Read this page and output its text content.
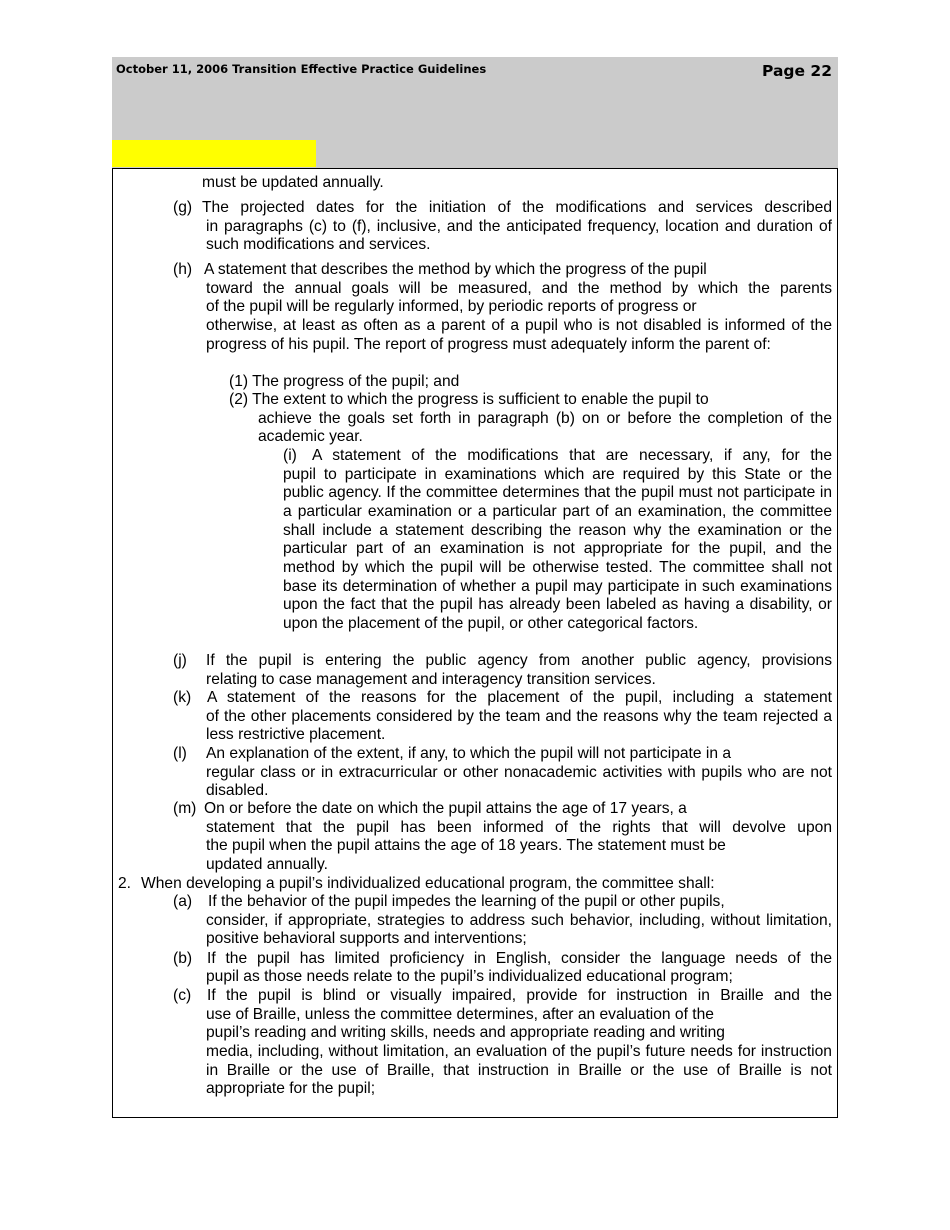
October 11, 2006 Transition Effective Practice Guidelines	Page 22

must be updated annually.

(g) The projected dates for the initiation of the modifications and services described

in paragraphs (c) to (f), inclusive, and the anticipated frequency, location and duration of such modifications and services.

(h) A statement that describes the method by which the progress of the pupil

toward the annual goals will be measured, and the method by which the parents

of the pupil will be regularly informed, by periodic reports of progress or

otherwise, at least as often as a parent of a pupil who is not disabled is informed of the progress of his pupil. The report of progress must adequately inform the parent of:

(1) The progress of the pupil; and

(2) The extent to which the progress is sufficient to enable the pupil to

achieve the goals set forth in paragraph (b) on or before the completion of the academic year.

(i) A statement of the modifications that are necessary, if any, for the

pupil to participate in examinations which are required by this State or the public agency. If the committee determines that the pupil must not participate in a particular examination or a particular part of an examination, the committee shall include a statement describing the reason why the examination or the particular part of an examination is not appropriate for the pupil, and the method by which the pupil will be otherwise tested. The committee shall not base its determination of whether a pupil may participate in such examinations upon the fact that the pupil has already been labeled as having a disability, or upon the placement of the pupil, or other categorical factors.

(j) If the pupil is entering the public agency from another public agency, provisions

relating to case management and interagency transition services.

(k) A statement of the reasons for the placement of the pupil, including a statement

of the other placements considered by the team and the reasons why the team rejected a less restrictive placement.

(l) An explanation of the extent, if any, to which the pupil will not participate in a

regular class or in extracurricular or other nonacademic activities with pupils who are not disabled.

(m) On or before the date on which the pupil attains the age of 17 years, a

statement that the pupil has been informed of the rights that will devolve upon

the pupil when the pupil attains the age of 18 years. The statement must be

updated annually.

2. When developing a pupil’s individualized educational program, the committee shall:

(a) If the behavior of the pupil impedes the learning of the pupil or other pupils,

consider, if appropriate, strategies to address such behavior, including, without limitation, positive behavioral supports and interventions;

(b) If the pupil has limited proficiency in English, consider the language needs of the

pupil as those needs relate to the pupil’s individualized educational program;

(c) If the pupil is blind or visually impaired, provide for instruction in Braille and the

use of Braille, unless the committee determines, after an evaluation of the

pupil’s reading and writing skills, needs and appropriate reading and writing

media, including, without limitation, an evaluation of the pupil’s future needs for instruction in Braille or the use of Braille, that instruction in Braille or the use of Braille is not appropriate for the pupil;
